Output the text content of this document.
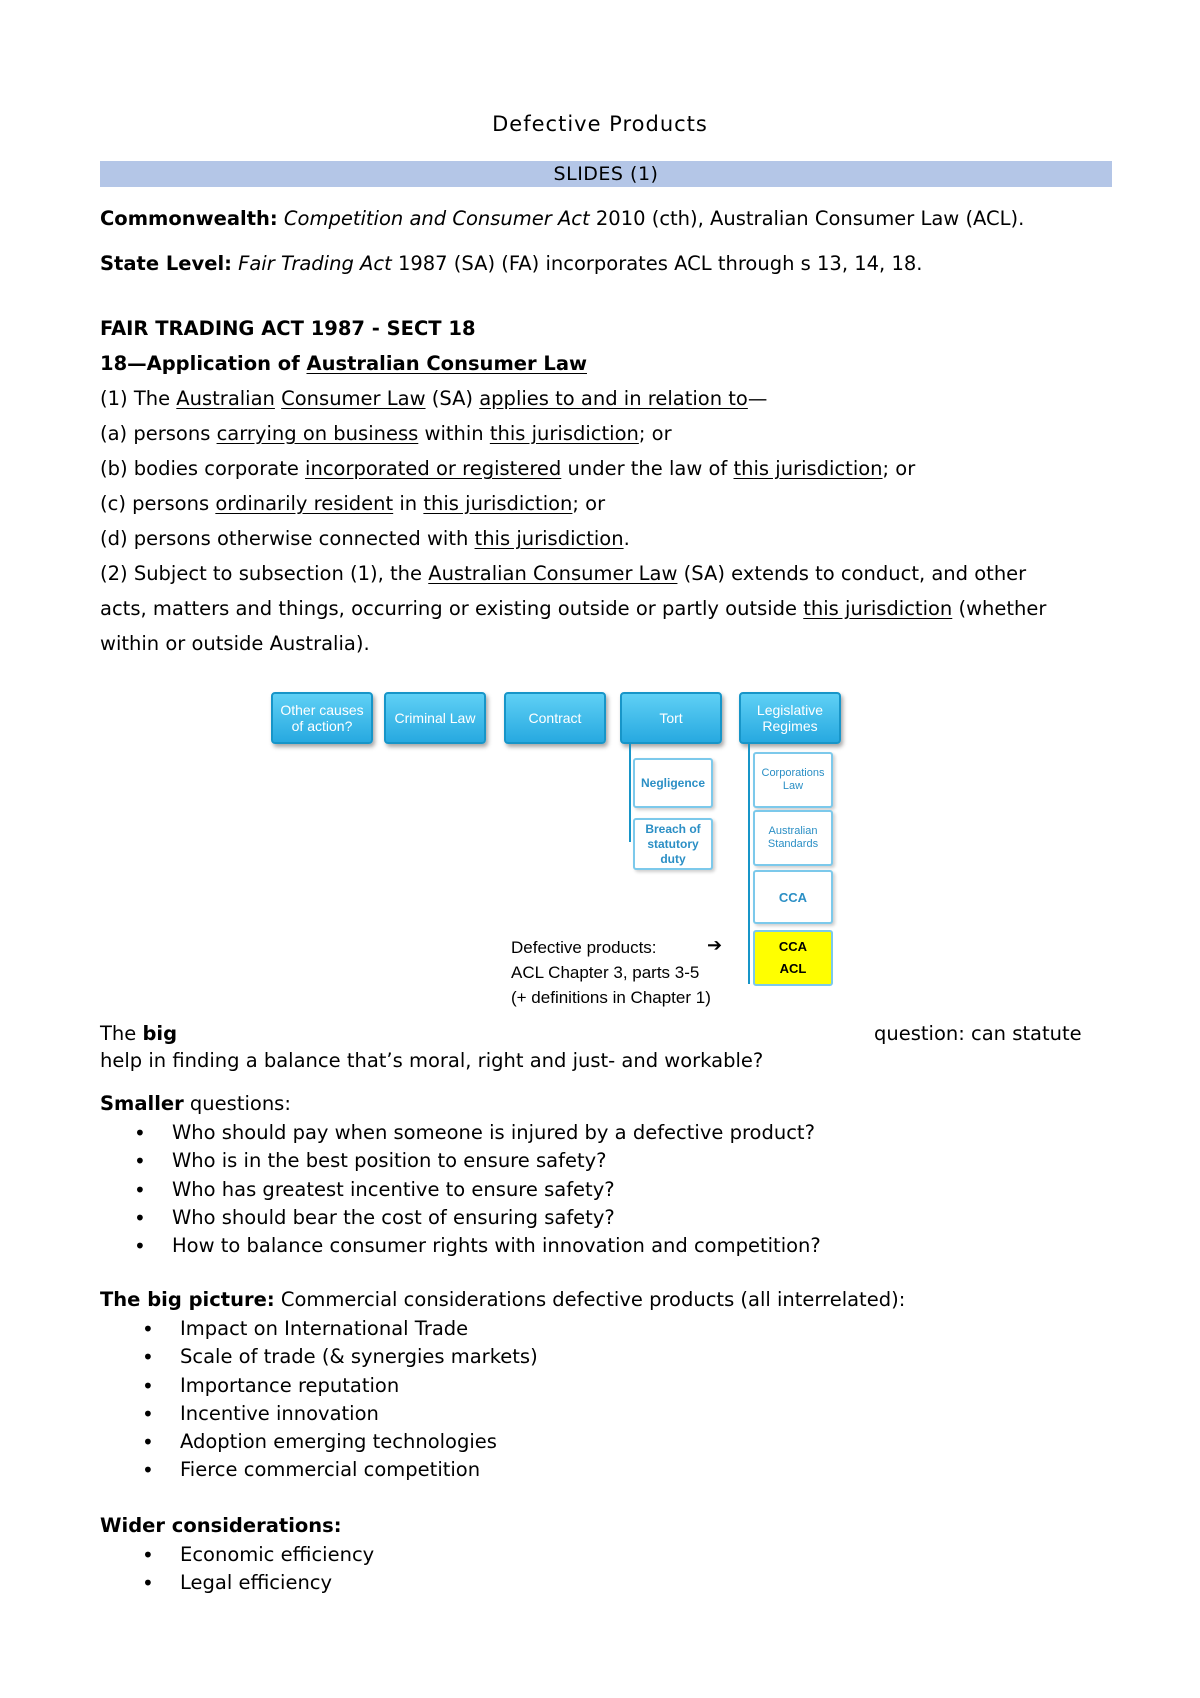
Defective Products
SLIDES (1)
Commonwealth: Competition and Consumer Act 2010 (cth), Australian Consumer Law (ACL).
State Level: Fair Trading Act 1987 (SA) (FA) incorporates ACL through s 13, 14, 18.
FAIR TRADING ACT 1987 - SECT 18
18—Application of Australian Consumer Law
(1) The Australian Consumer Law (SA) applies to and in relation to—
(a) persons carrying on business within this jurisdiction; or
(b) bodies corporate incorporated or registered under the law of this jurisdiction; or
(c) persons ordinarily resident in this jurisdiction; or
(d) persons otherwise connected with this jurisdiction.
(2) Subject to subsection (1), the Australian Consumer Law (SA) extends to conduct, and other
acts, matters and things, occurring or existing outside or partly outside this jurisdiction (whether
within or outside Australia).
Other causes of action?	Criminal Law	Contract	Tort	Legislative Regimes
Negligence
Breach of statutory duty
Corporations Law
Australian Standards
CCA
CCA
ACL
Defective products:	➔
ACL Chapter 3, parts 3-5
(+ definitions in Chapter 1)
The big	question: can statute
help in finding a balance that’s moral, right and just- and workable?
Smaller questions:
• Who should pay when someone is injured by a defective product?
• Who is in the best position to ensure safety?
• Who has greatest incentive to ensure safety?
• Who should bear the cost of ensuring safety?
• How to balance consumer rights with innovation and competition?
The big picture: Commercial considerations defective products (all interrelated):
• Impact on International Trade
• Scale of trade (& synergies markets)
• Importance reputation
• Incentive innovation
• Adoption emerging technologies
• Fierce commercial competition
Wider considerations:
• Economic efficiency
• Legal efficiency
